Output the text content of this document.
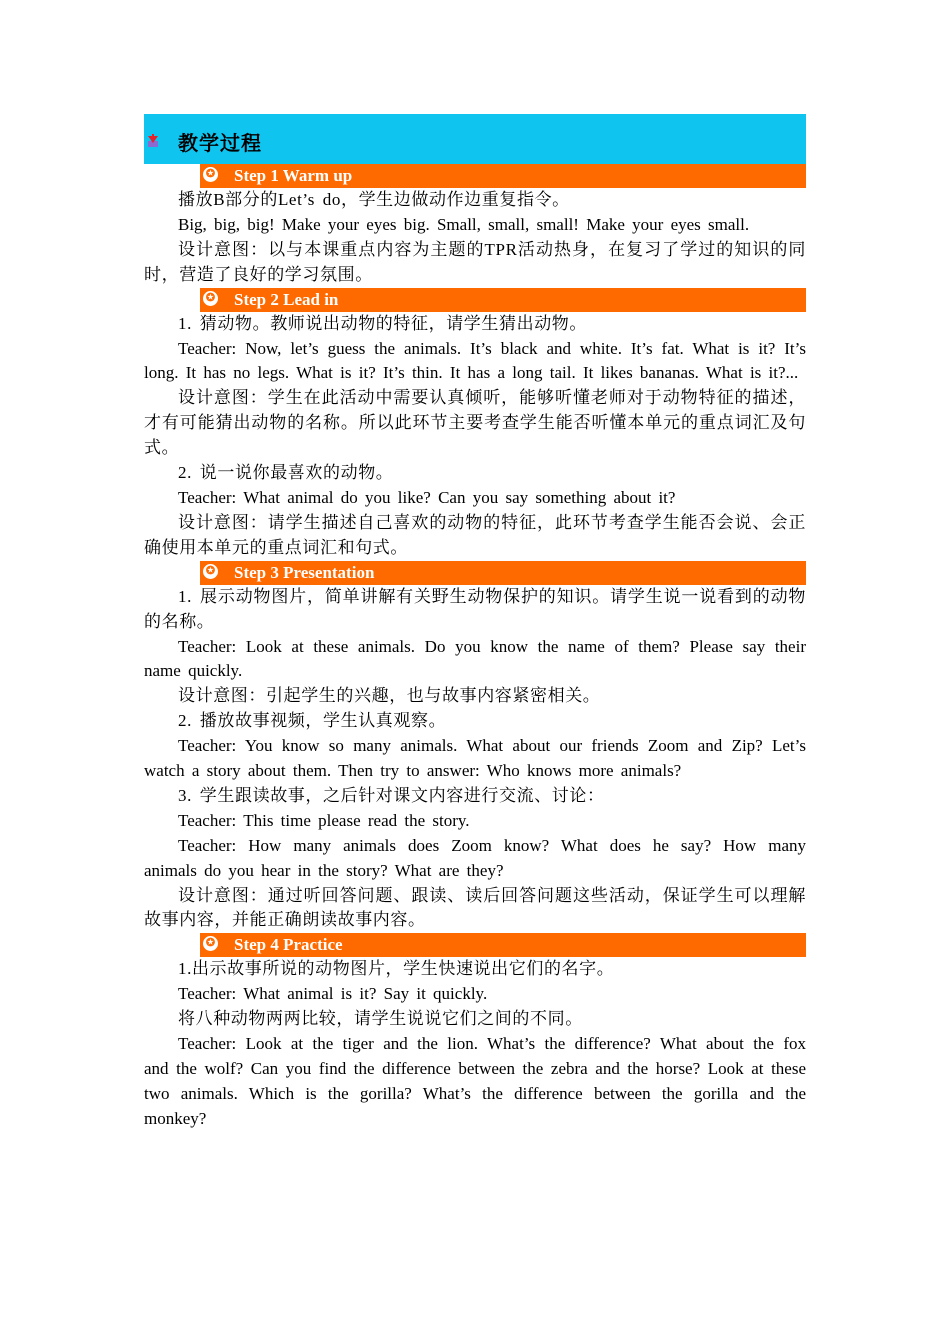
教学过程
✪ Step 1 Warm up

播放B部分的Let’s do，学生边做动作边重复指令。

Big, big, big! Make your eyes big. Small, small, small! Make your eyes small.

设计意图：以与本课重点内容为主题的TPR活动热身，在复习了学过的知识的同时，营造了良好的学习氛围。

✪ Step 2 Lead in

1. 猜动物。教师说出动物的特征，请学生猜出动物。

Teacher: Now, let’s guess the animals. It’s black and white. It’s fat. What is it? It’s long. It has no legs. What is it? It’s thin. It has a long tail. It likes bananas. What is it?...

设计意图：学生在此活动中需要认真倾听，能够听懂老师对于动物特征的描述，才有可能猜出动物的名称。所以此环节主要考查学生能否听懂本单元的重点词汇及句式。

2. 说一说你最喜欢的动物。

Teacher: What animal do you like? Can you say something about it?

设计意图：请学生描述自己喜欢的动物的特征，此环节考查学生能否会说、会正确使用本单元的重点词汇和句式。

✪ Step 3 Presentation

1. 展示动物图片，简单讲解有关野生动物保护的知识。请学生说一说看到的动物的名称。

Teacher: Look at these animals. Do you know the name of them? Please say their name quickly.

设计意图：引起学生的兴趣，也与故事内容紧密相关。

2. 播放故事视频，学生认真观察。

Teacher: You know so many animals. What about our friends Zoom and Zip? Let’s watch a story about them. Then try to answer: Who knows more animals?

3. 学生跟读故事，之后针对课文内容进行交流、讨论：

Teacher: This time please read the story.

Teacher: How many animals does Zoom know? What does he say? How many animals do you hear in the story? What are they?

设计意图：通过听回答问题、跟读、读后回答问题这些活动，保证学生可以理解故事内容，并能正确朗读故事内容。

✪ Step 4 Practice

1.出示故事所说的动物图片，学生快速说出它们的名字。

Teacher: What animal is it? Say it quickly.

将八种动物两两比较，请学生说说它们之间的不同。

Teacher: Look at the tiger and the lion. What’s the difference? What about the fox and the wolf? Can you find the difference between the zebra and the horse? Look at these two animals. Which is the gorilla? What’s the difference between the gorilla and the monkey?
